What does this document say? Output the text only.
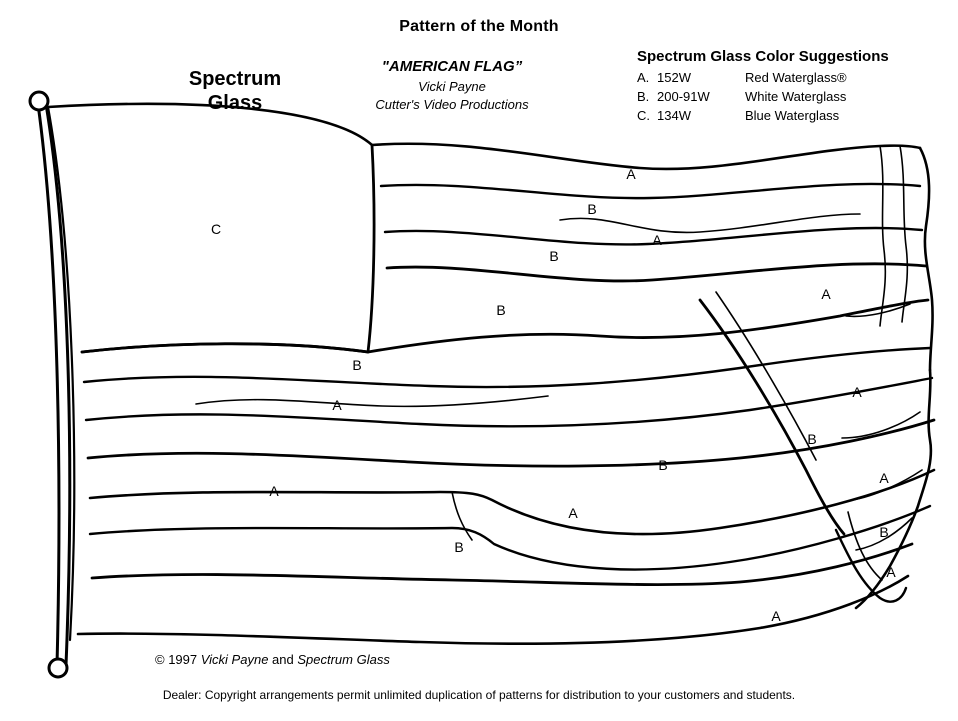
Pattern of the Month
Spectrum
Glass
"AMERICAN FLAG”
Vicki Payne
Cutter's Video Productions
Spectrum Glass Color Suggestions
A. 152W	Red Waterglass®
B. 200-91W	White Waterglass
C. 134W	Blue Waterglass
C
A
B
A
B
A
B
B
A
A
B
B
A
A
A
B
B
A
A
© 1997 Vicki Payne and Spectrum Glass
Dealer: Copyright arrangements permit unlimited duplication of patterns for distribution to your customers and students.
